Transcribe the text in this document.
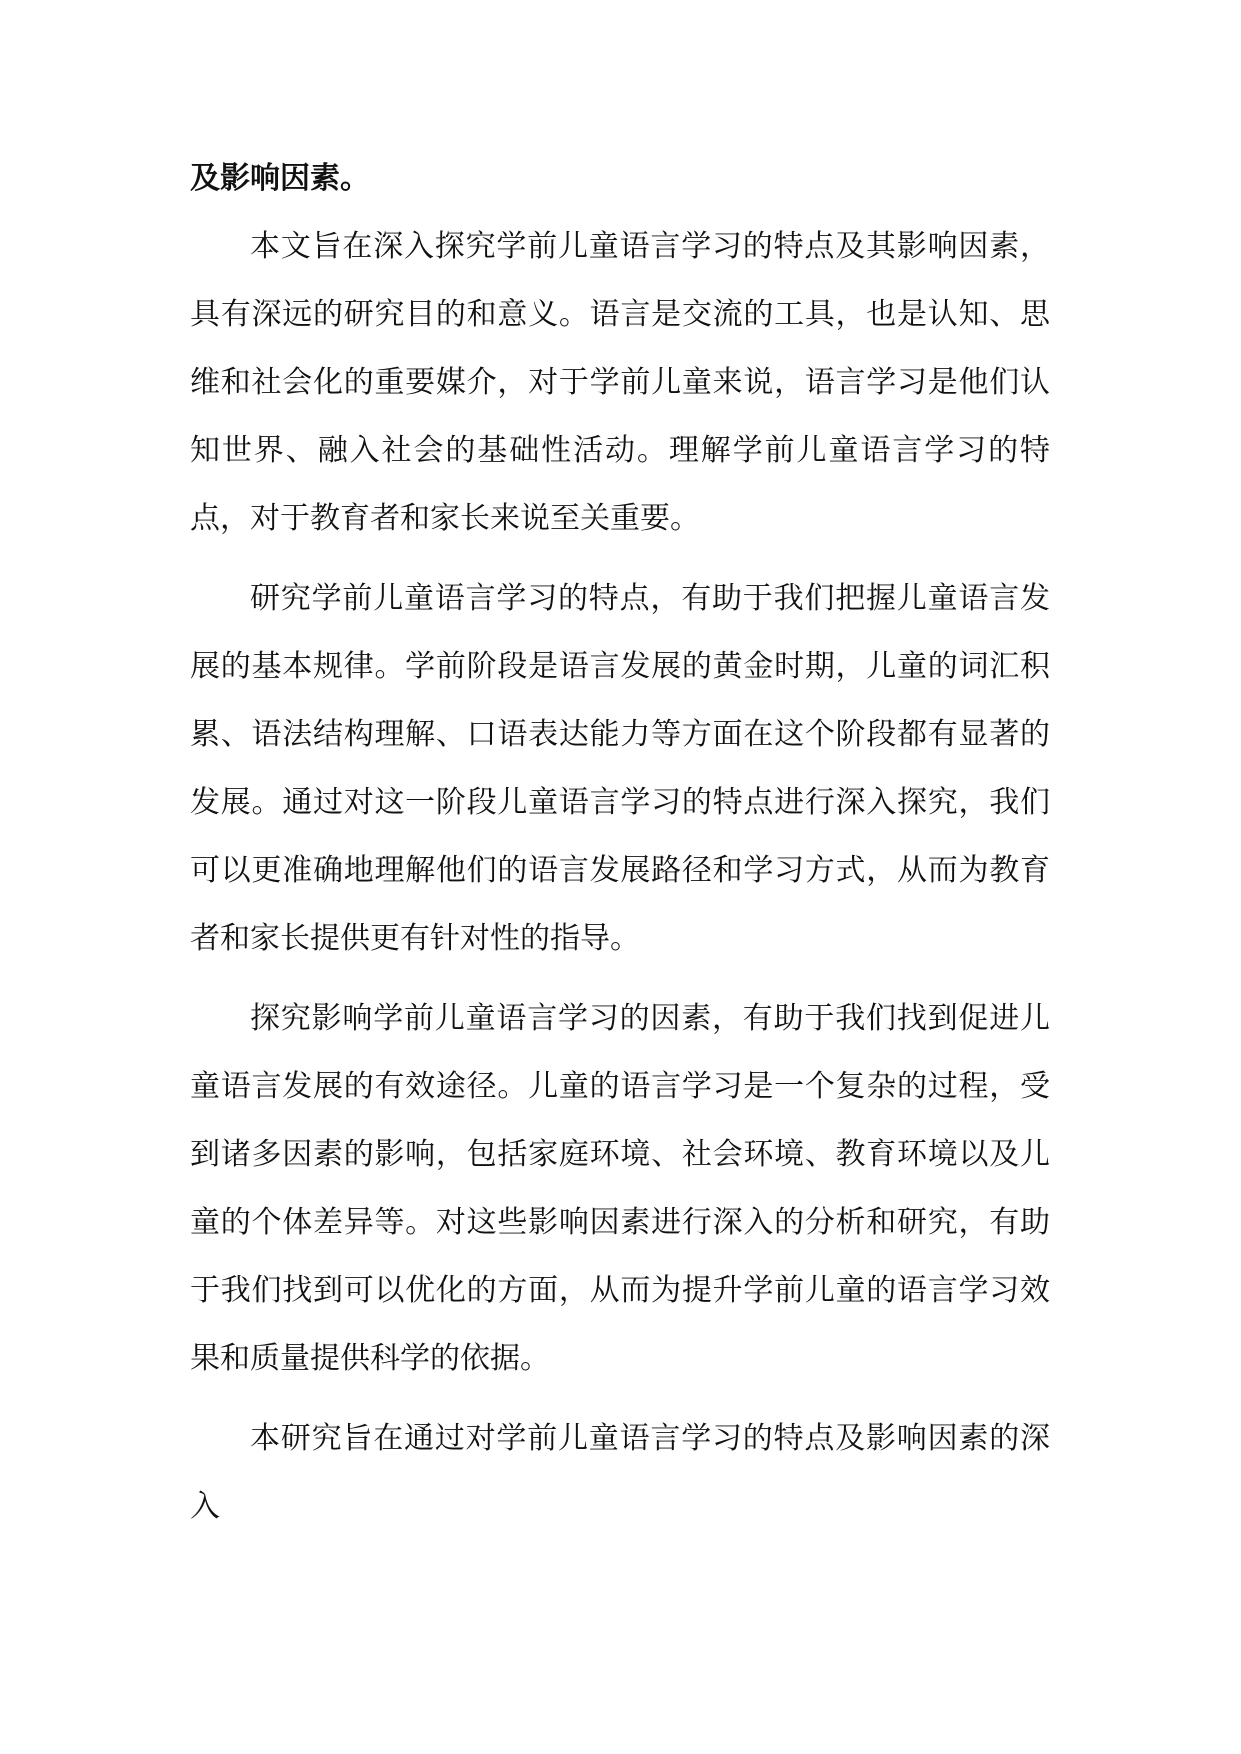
及影响因素。

本文旨在深入探究学前儿童语言学习的特点及其影响因素，具有深远的研究目的和意义。语言是交流的工具，也是认知、思维和社会化的重要媒介，对于学前儿童来说，语言学习是他们认知世界、融入社会的基础性活动。理解学前儿童语言学习的特点，对于教育者和家长来说至关重要。

研究学前儿童语言学习的特点，有助于我们把握儿童语言发展的基本规律。学前阶段是语言发展的黄金时期，儿童的词汇积累、语法结构理解、口语表达能力等方面在这个阶段都有显著的发展。通过对这一阶段儿童语言学习的特点进行深入探究，我们可以更准确地理解他们的语言发展路径和学习方式，从而为教育者和家长提供更有针对性的指导。

探究影响学前儿童语言学习的因素，有助于我们找到促进儿童语言发展的有效途径。儿童的语言学习是一个复杂的过程，受到诸多因素的影响，包括家庭环境、社会环境、教育环境以及儿童的个体差异等。对这些影响因素进行深入的分析和研究，有助于我们找到可以优化的方面，从而为提升学前儿童的语言学习效果和质量提供科学的依据。

本研究旨在通过对学前儿童语言学习的特点及影响因素的深入
